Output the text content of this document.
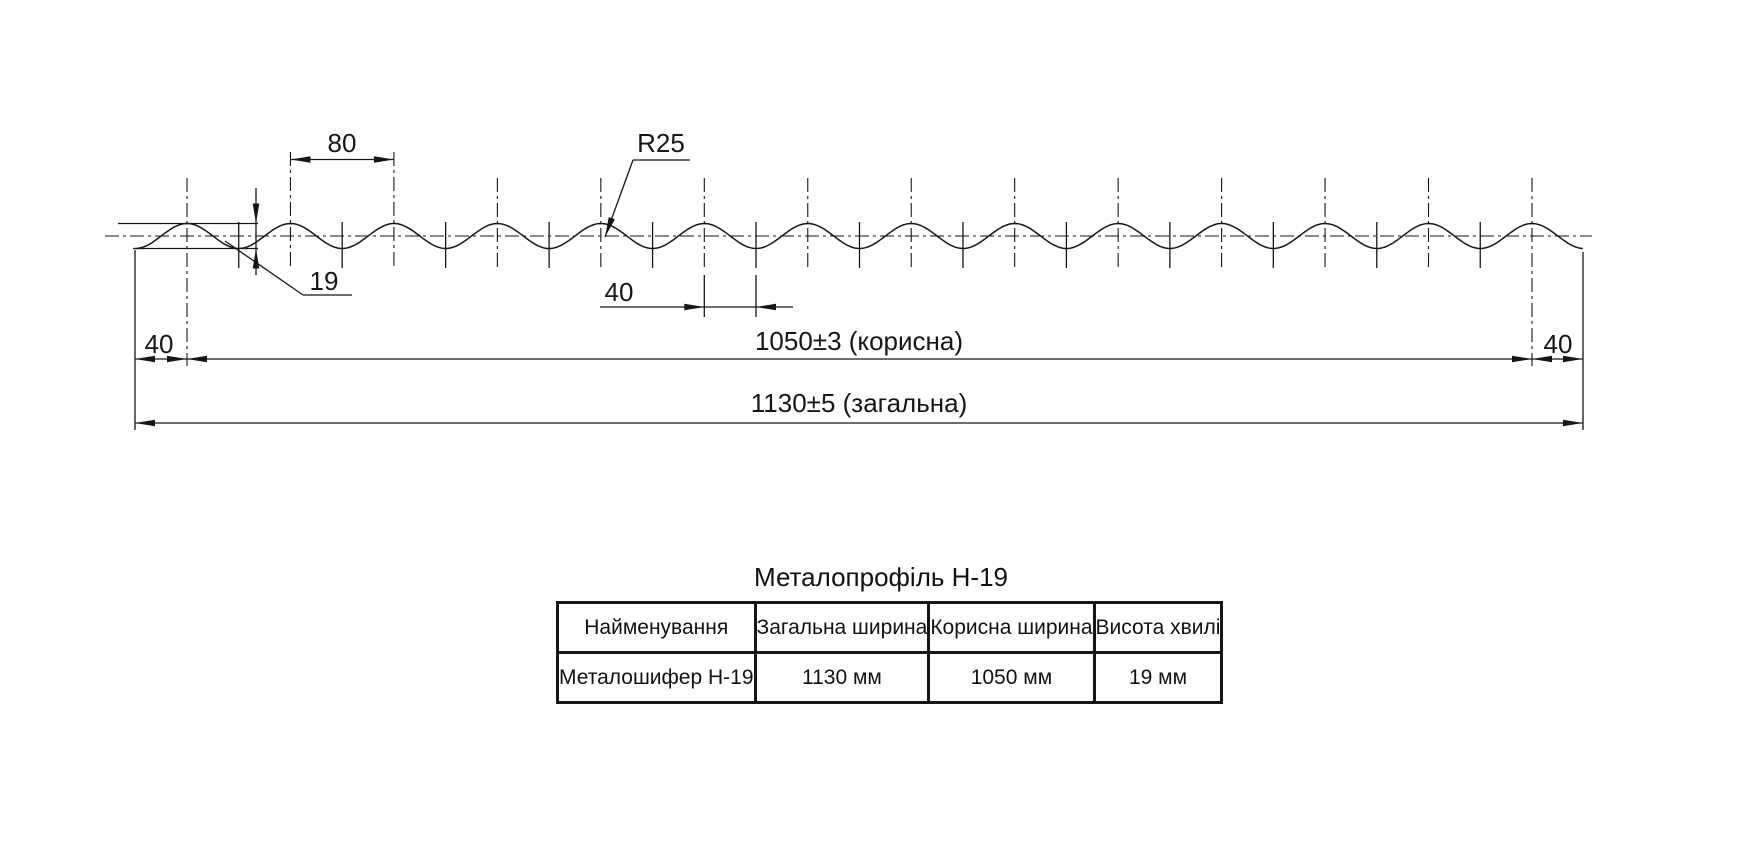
80	R25
19	40
40	1050±3 (корисна)	40
1130±5 (загальна)
Металопрофіль Н-19
Найменування	Загальна ширина	Корисна ширина	Висота хвилі
Металошифер Н-19	1130 мм	1050 мм	19 мм
